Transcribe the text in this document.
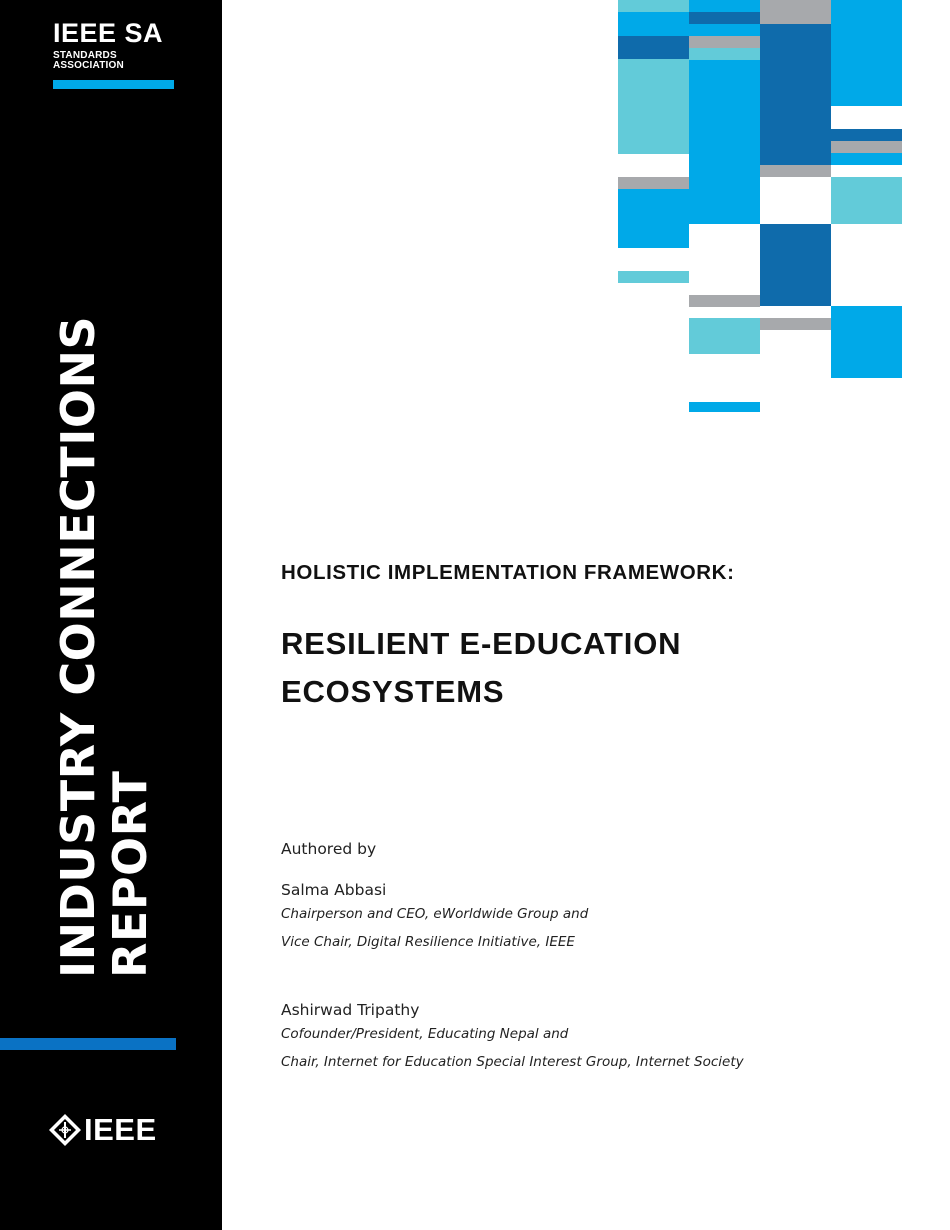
IEEE SA
STANDARDS
ASSOCIATION
INDUSTRY CONNECTIONS
REPORT
IEEE
HOLISTIC IMPLEMENTATION FRAMEWORK:
RESILIENT E-EDUCATION
ECOSYSTEMS
Authored by
Salma Abbasi
Chairperson and CEO, eWorldwide Group and
Vice Chair, Digital Resilience Initiative, IEEE
Ashirwad Tripathy
Cofounder/President, Educating Nepal and
Chair, Internet for Education Special Interest Group, Internet Society
